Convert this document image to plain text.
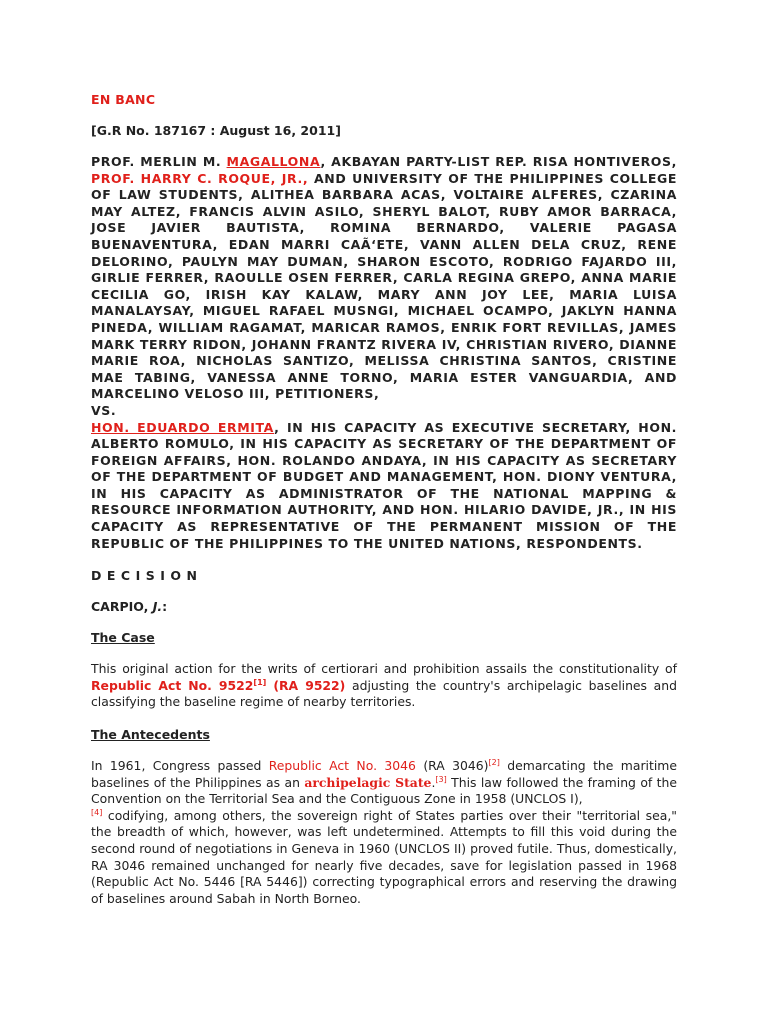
EN BANC
[G.R No. 187167 : August 16, 2011]

PROF. MERLIN M. MAGALLONA, AKBAYAN PARTY-LIST REP. RISA HONTIVEROS, PROF. HARRY C. ROQUE, JR., AND UNIVERSITY OF THE PHILIPPINES COLLEGE OF LAW STUDENTS, ALITHEA BARBARA ACAS, VOLTAIRE ALFERES, CZARINA MAY ALTEZ, FRANCIS ALVIN ASILO, SHERYL BALOT, RUBY AMOR BARRACA, JOSE JAVIER BAUTISTA, ROMINA BERNARDO, VALERIE PAGASA BUENAVENTURA, EDAN MARRI CAÃ‘ETE, VANN ALLEN DELA CRUZ, RENE DELORINO, PAULYN MAY DUMAN, SHARON ESCOTO, RODRIGO FAJARDO III, GIRLIE FERRER, RAOULLE OSEN FERRER, CARLA REGINA GREPO, ANNA MARIE CECILIA GO, IRISH KAY KALAW, MARY ANN JOY LEE, MARIA LUISA MANALAYSAY, MIGUEL RAFAEL MUSNGI, MICHAEL OCAMPO, JAKLYN HANNA PINEDA, WILLIAM RAGAMAT, MARICAR RAMOS, ENRIK FORT REVILLAS, JAMES MARK TERRY RIDON, JOHANN FRANTZ RIVERA IV, CHRISTIAN RIVERO, DIANNE MARIE ROA, NICHOLAS SANTIZO, MELISSA CHRISTINA SANTOS, CRISTINE MAE TABING, VANESSA ANNE TORNO, MARIA ESTER VANGUARDIA, AND MARCELINO VELOSO III, PETITIONERS,

VS.

HON. EDUARDO ERMITA, IN HIS CAPACITY AS EXECUTIVE SECRETARY, HON. ALBERTO ROMULO, IN HIS CAPACITY AS SECRETARY OF THE DEPARTMENT OF FOREIGN AFFAIRS, HON. ROLANDO ANDAYA, IN HIS CAPACITY AS SECRETARY OF THE DEPARTMENT OF BUDGET AND MANAGEMENT, HON. DIONY VENTURA, IN HIS CAPACITY AS ADMINISTRATOR OF THE NATIONAL MAPPING & RESOURCE INFORMATION AUTHORITY, AND HON. HILARIO DAVIDE, JR., IN HIS CAPACITY AS REPRESENTATIVE OF THE PERMANENT MISSION OF THE REPUBLIC OF THE PHILIPPINES TO THE UNITED NATIONS, RESPONDENTS.

DECISION
CARPIO, J.:
The Case

This original action for the writs of certiorari and prohibition assails the constitutionality of Republic Act No. 9522[1] (RA 9522) adjusting the country's archipelagic baselines and classifying the baseline regime of nearby territories.

The Antecedents

In 1961, Congress passed Republic Act No. 3046 (RA 3046)[2] demarcating the maritime baselines of the Philippines as an archipelagic State.[3] This law followed the framing of the Convention on the Territorial Sea and the Contiguous Zone in 1958 (UNCLOS I),
[4] codifying, among others, the sovereign right of States parties over their "territorial sea," the breadth of which, however, was left undetermined. Attempts to fill this void during the second round of negotiations in Geneva in 1960 (UNCLOS II) proved futile. Thus, domestically, RA 3046 remained unchanged for nearly five decades, save for legislation passed in 1968 (Republic Act No. 5446 [RA 5446]) correcting typographical errors and reserving the drawing of baselines around Sabah in North Borneo.
